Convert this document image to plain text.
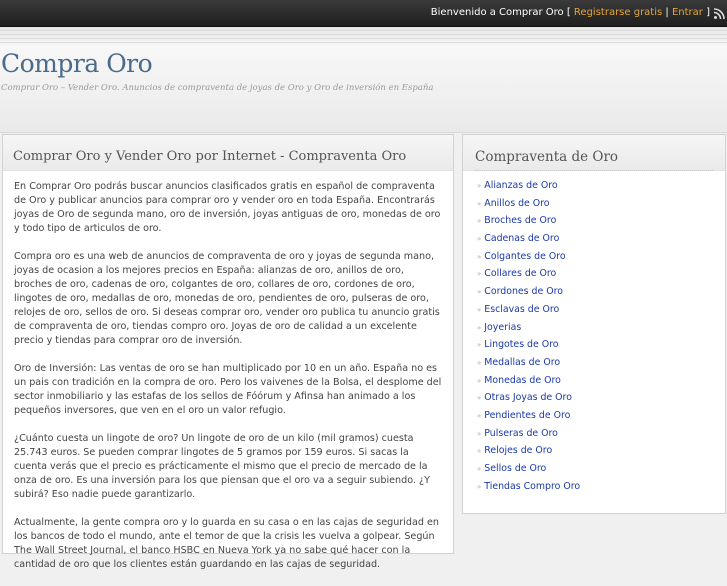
Bienvenido a Comprar Oro [ Registrarse gratis | Entrar ]
Compra Oro
Comprar Oro – Vender Oro. Anuncios de compraventa de joyas de Oro y Oro de inversión en España
Comprar Oro y Vender Oro por Internet - Compraventa Oro

En Comprar Oro podrás buscar anuncios clasificados gratis en español de compraventa de Oro y publicar anuncios para comprar oro y vender oro en toda España. Encontrarás joyas de Oro de segunda mano, oro de inversión, joyas antiguas de oro, monedas de oro y todo tipo de articulos de oro.

Compra oro es una web de anuncios de compraventa de oro y joyas de segunda mano, joyas de ocasion a los mejores precios en España: alianzas de oro, anillos de oro, broches de oro, cadenas de oro, colgantes de oro, collares de oro, cordones de oro, lingotes de oro, medallas de oro, monedas de oro, pendientes de oro, pulseras de oro, relojes de oro, sellos de oro. Si deseas comprar oro, vender oro publica tu anuncio gratis de compraventa de oro, tiendas compro oro. Joyas de oro de calidad a un excelente precio y tiendas para comprar oro de inversión.

Oro de Inversión: Las ventas de oro se han multiplicado por 10 en un año. España no es un pais con tradición en la compra de oro. Pero los vaivenes de la Bolsa, el desplome del sector inmobiliario y las estafas de los sellos de Fóórum y Afinsa han animado a los pequeños inversores, que ven en el oro un valor refugio.

¿Cuánto cuesta un lingote de oro? Un lingote de oro de un kilo (mil gramos) cuesta 25.743 euros. Se pueden comprar lingotes de 5 gramos por 159 euros. Si sacas la cuenta verás que el precio es prácticamente el mismo que el precio de mercado de la onza de oro. Es una inversión para los que piensan que el oro va a seguir subiendo. ¿Y subirá? Eso nadie puede garantizarlo.

Actualmente, la gente compra oro y lo guarda en su casa o en las cajas de seguridad en los bancos de todo el mundo, ante el temor de que la crisis les vuelva a golpear. Según The Wall Street Journal, el banco HSBC en Nueva York ya no sabe qué hacer con la cantidad de oro que los clientes están guardando en las cajas de seguridad.

Compraventa de Oro
» Alianzas de Oro
» Anillos de Oro
» Broches de Oro
» Cadenas de Oro
» Colgantes de Oro
» Collares de Oro
» Cordones de Oro
» Esclavas de Oro
» Joyerias
» Lingotes de Oro
» Medallas de Oro
» Monedas de Oro
» Otras Joyas de Oro
» Pendientes de Oro
» Pulseras de Oro
» Relojes de Oro
» Sellos de Oro
» Tiendas Compro Oro
